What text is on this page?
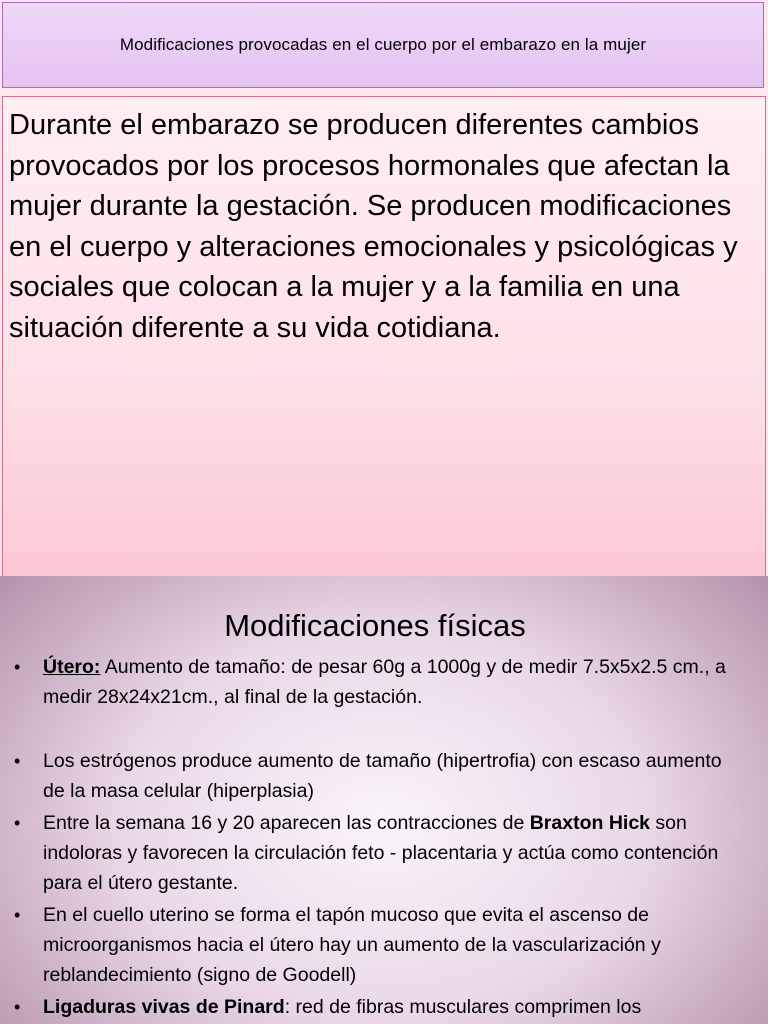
Modificaciones provocadas en el cuerpo por el embarazo en la mujer

Durante el embarazo se producen diferentes cambios provocados por los procesos hormonales que afectan la mujer durante la gestación. Se producen modificaciones en el cuerpo y alteraciones emocionales y psicológicas y sociales que colocan a la mujer y a la familia en una situación diferente a su vida cotidiana.

Modificaciones físicas
• Útero: Aumento de tamaño: de pesar 60g a 1000g y de medir 7.5x5x2.5 cm., a medir 28x24x21cm., al final de la gestación.
• Los estrógenos produce aumento de tamaño (hipertrofia) con escaso aumento de la masa celular (hiperplasia)
• Entre la semana 16 y 20 aparecen las contracciones de Braxton Hick son indoloras y favorecen la circulación feto - placentaria y actúa como contención para el útero gestante.
• En el cuello uterino se forma el tapón mucoso que evita el ascenso de microorganismos hacia el útero hay un aumento de la vascularización y reblandecimiento (signo de Goodell)
• Ligaduras vivas de Pinard: red de fibras musculares comprimen los
